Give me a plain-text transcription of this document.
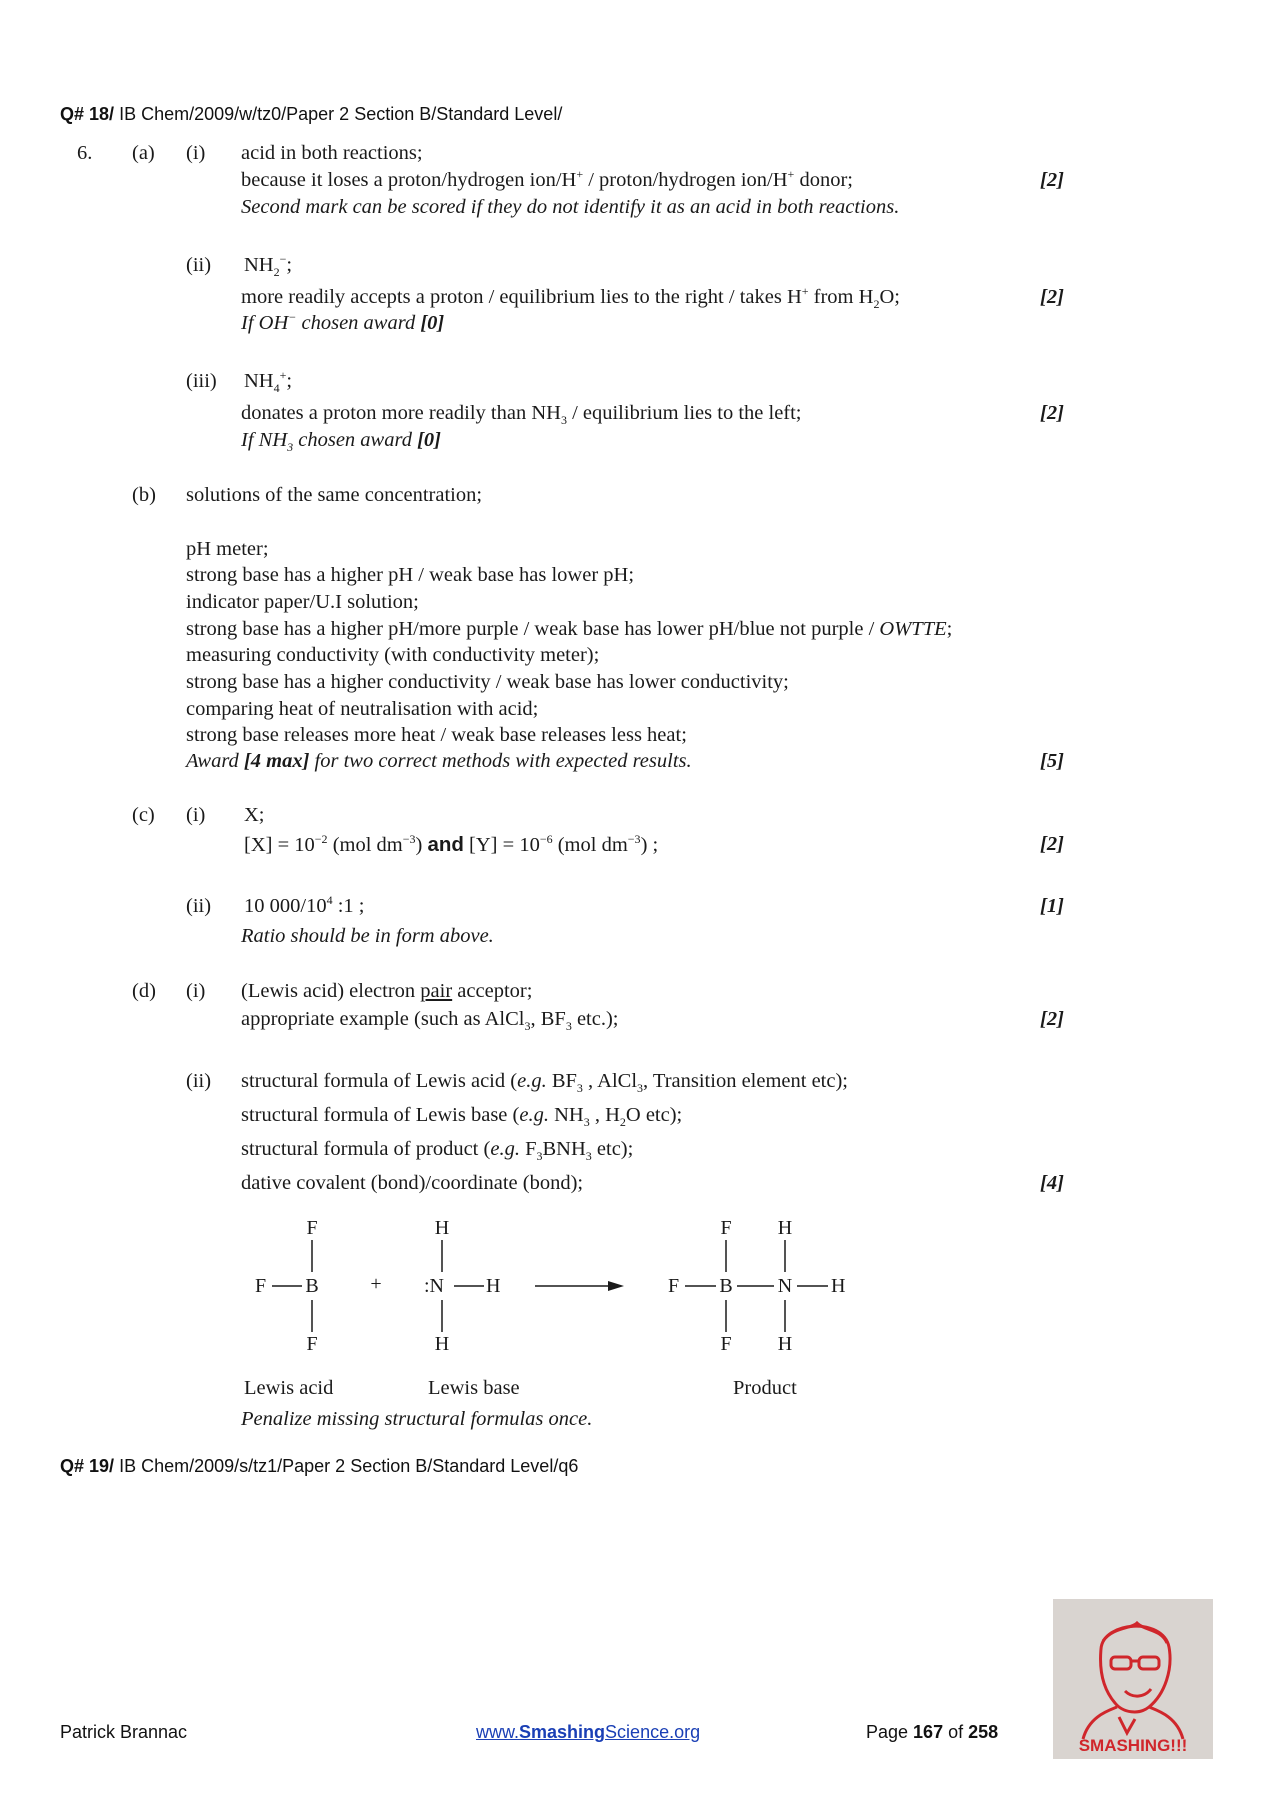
Q# 18/ IB Chem/2009/w/tz0/Paper 2 Section B/Standard Level/
6. (a) (i) acid in both reactions;
because it loses a proton/hydrogen ion/H+ / proton/hydrogen ion/H+ donor;	[2]
Second mark can be scored if they do not identify it as an acid in both reactions.
(ii) $NH_2^-$;
more readily accepts a proton / equilibrium lies to the right / takes H+ from $H_2O$;	[2]
If OH− chosen award [0]
(iii) $NH_4^+$;
donates a proton more readily than $NH_3$ / equilibrium lies to the left;	[2]
If $NH_3$ chosen award [0]
(b) solutions of the same concentration;
pH meter;
strong base has a higher pH / weak base has lower pH;
indicator paper/U.I solution;
strong base has a higher pH/more purple / weak base has lower pH/blue not purple / OWTTE;
measuring conductivity (with conductivity meter);
strong base has a higher conductivity / weak base has lower conductivity;
comparing heat of neutralisation with acid;
strong base releases more heat / weak base releases less heat;
Award [4 max] for two correct methods with expected results.	[5]
(c) (i) X;
$[X] = 10^{-2}$ (mol $dm^{-3}$) and $[Y] = 10^{-6}$ (mol $dm^{-3}$) ;	[2]
(ii) 10 $000/10^4$ :1 ;	[1]
Ratio should be in form above.
(d) (i) (Lewis acid) electron pair acceptor;
appropriate example (such as AlCl$_3$, $BF_3$ etc.);	[2]
(ii) structural formula of Lewis acid (e.g. $BF_3$ , AlCl$_3$, Transition element etc);
structural formula of Lewis base (e.g. $NH_3$ , $H_2O$ etc);
structural formula of product (e.g. $F_3BNH_3$ etc);
dative covalent (bond)/coordinate (bond);	[4]
F
F B
F
+
H
:N H
H
F
F
B
F
H
N H
H
Lewis acid	Lewis base	Product
Penalize missing structural formulas once.
Q# 19/ IB Chem/2009/s/tz1/Paper 2 Section B/Standard Level/q6
Patrick Brannac	www.SmashingScience.org	Page 167 of 258
SMASHING!!!
